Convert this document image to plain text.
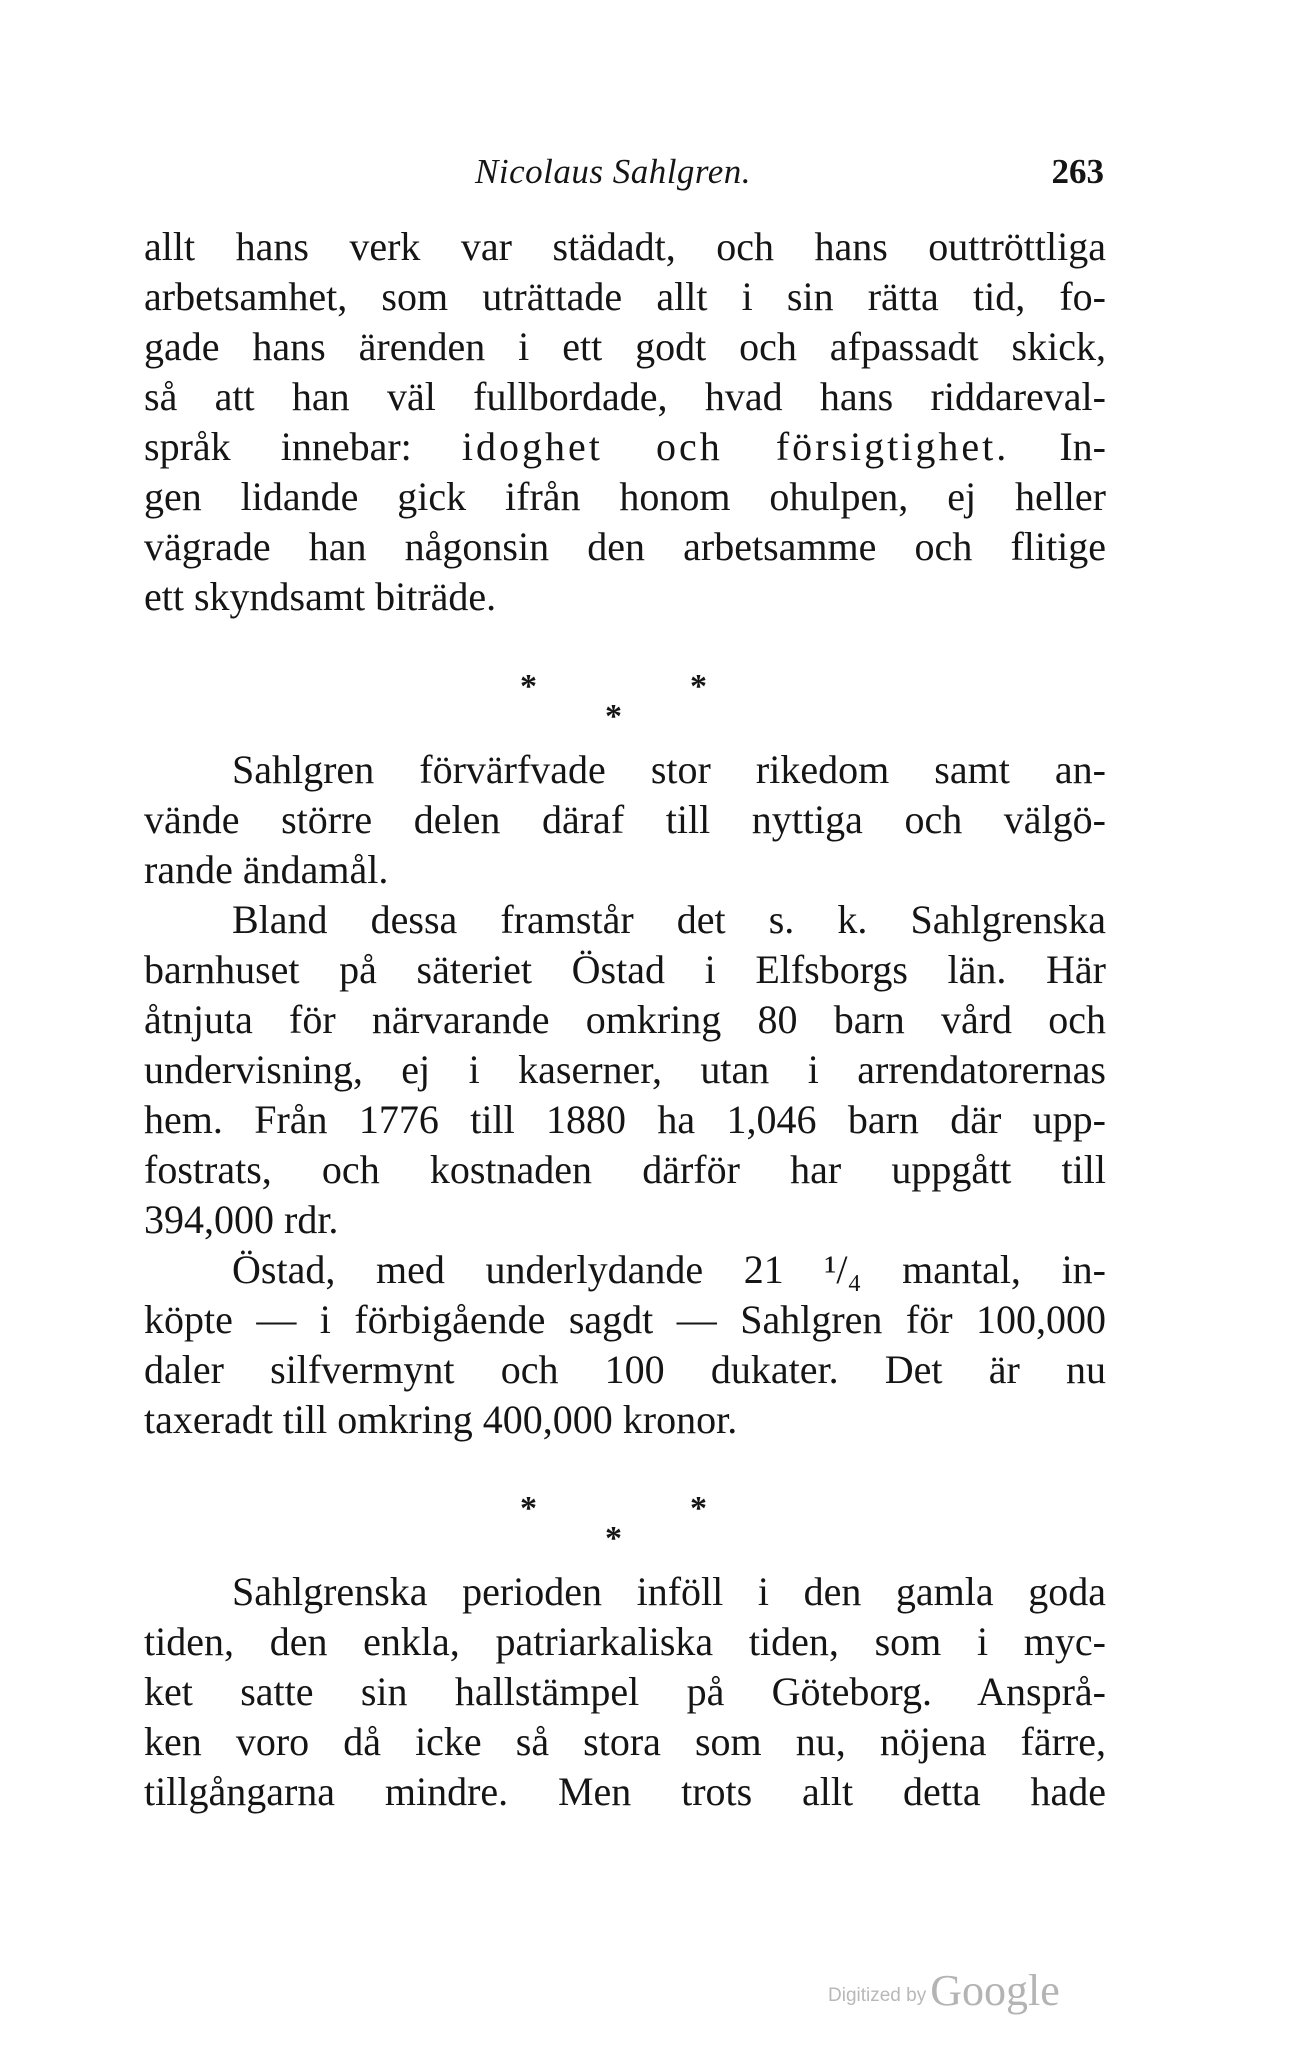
Nicolaus Sahlgren.	263
allt hans verk var städadt, och hans outtröttliga
arbetsamhet, som uträttade allt i sin rätta tid, fo-
gade hans ärenden i ett godt och afpassadt skick,
så att han väl fullbordade, hvad hans riddareval-
språk innebar: idoghet och försigtighet. In-
gen lidande gick ifrån honom ohulpen, ej heller
vägrade han någonsin den arbetsamme och flitige
ett skyndsamt biträde.
*
*
*
Sahlgren förvärfvade stor rikedom samt an-
vände större delen däraf till nyttiga och välgö-
rande ändamål.
Bland dessa framstår det s. k. Sahlgrenska
barnhuset på säteriet Östad i Elfsborgs län. Här
åtnjuta för närvarande omkring 80 barn vård och
undervisning, ej i kaserner, utan i arrendatorernas
hem. Från 1776 till 1880 ha 1,046 barn där upp-
fostrats, och kostnaden därför har uppgått till
394,000 rdr.
Östad, med underlydande 21 ¹/₄ mantal, in-
köpte — i förbigående sagdt — Sahlgren för 100,000
daler silfvermynt och 100 dukater. Det är nu
taxeradt till omkring 400,000 kronor.
*
*
*
Sahlgrenska perioden inföll i den gamla goda
tiden, den enkla, patriarkaliska tiden, som i myc-
ket satte sin hallstämpel på Göteborg. Ansprå-
ken voro då icke så stora som nu, nöjena färre,
tillgångarna mindre. Men trots allt detta hade
Digitized byGoogle
